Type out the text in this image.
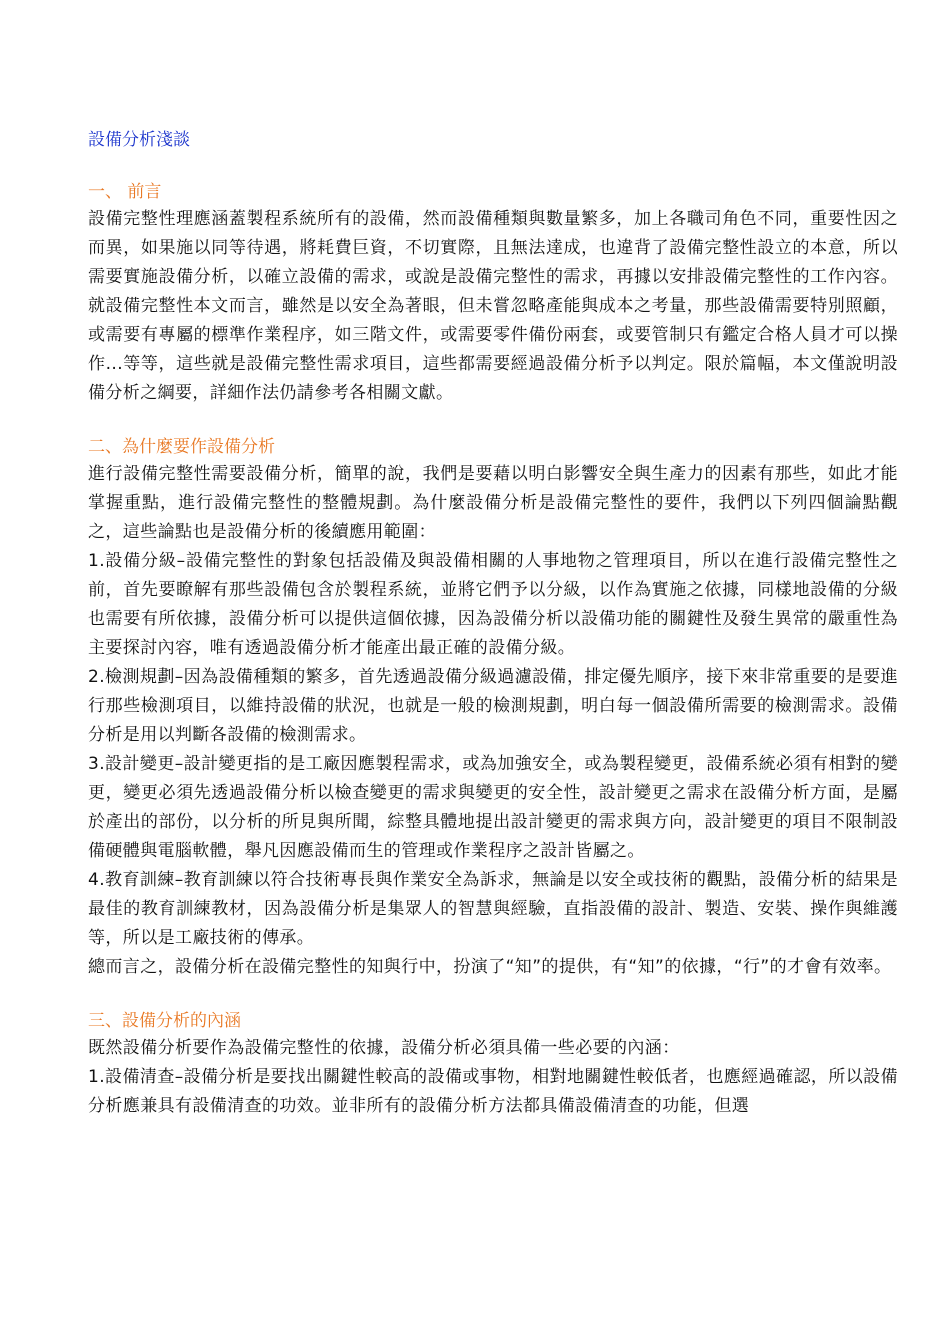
設備分析淺談

一、 前言

設備完整性理應涵蓋製程系統所有的設備，然而設備種類與數量繁多，加上各職司角色不同，重要性因之而異，如果施以同等待遇，將耗費巨資，不切實際，且無法達成，也違背了設備完整性設立的本意，所以需要實施設備分析，以確立設備的需求，或說是設備完整性的需求，再據以安排設備完整性的工作內容。就設備完整性本文而言，雖然是以安全為著眼，但未嘗忽略產能與成本之考量，那些設備需要特別照顧，或需要有專屬的標準作業程序，如三階文件，或需要零件備份兩套，或要管制只有鑑定合格人員才可以操作...等等，這些就是設備完整性需求項目，這些都需要經過設備分析予以判定。限於篇幅，本文僅說明設備分析之綱要，詳細作法仍請參考各相關文獻。

二、為什麼要作設備分析

進行設備完整性需要設備分析，簡單的說，我們是要藉以明白影響安全與生產力的因素有那些，如此才能掌握重點，進行設備完整性的整體規劃。為什麼設備分析是設備完整性的要件，我們以下列四個論點觀之，這些論點也是設備分析的後續應用範圍：

1.設備分級–設備完整性的對象包括設備及與設備相關的人事地物之管理項目，所以在進行設備完整性之前，首先要瞭解有那些設備包含於製程系統，並將它們予以分級，以作為實施之依據，同樣地設備的分級也需要有所依據，設備分析可以提供這個依據，因為設備分析以設備功能的關鍵性及發生異常的嚴重性為主要探討內容，唯有透過設備分析才能產出最正確的設備分級。

2.檢測規劃–因為設備種類的繁多，首先透過設備分級過濾設備，排定優先順序，接下來非常重要的是要進行那些檢測項目，以維持設備的狀況，也就是一般的檢測規劃，明白每一個設備所需要的檢測需求。設備分析是用以判斷各設備的檢測需求。

3.設計變更–設計變更指的是工廠因應製程需求，或為加強安全，或為製程變更，設備系統必須有相對的變更，變更必須先透過設備分析以檢查變更的需求與變更的安全性，設計變更之需求在設備分析方面，是屬於產出的部份，以分析的所見與所聞，綜整具體地提出設計變更的需求與方向，設計變更的項目不限制設備硬體與電腦軟體，舉凡因應設備而生的管理或作業程序之設計皆屬之。

4.教育訓練–教育訓練以符合技術專長與作業安全為訴求，無論是以安全或技術的觀點，設備分析的結果是最佳的教育訓練教材，因為設備分析是集眾人的智慧與經驗，直指設備的設計、製造、安裝、操作與維護等，所以是工廠技術的傳承。

總而言之，設備分析在設備完整性的知與行中，扮演了“知”的提供，有“知”的依據，“行”的才會有效率。

三、設備分析的內涵

既然設備分析要作為設備完整性的依據，設備分析必須具備一些必要的內涵：

1.設備清查–設備分析是要找出關鍵性較高的設備或事物，相對地關鍵性較低者，也應經過確認，所以設備分析應兼具有設備清查的功效。並非所有的設備分析方法都具備設備清查的功能，但選
